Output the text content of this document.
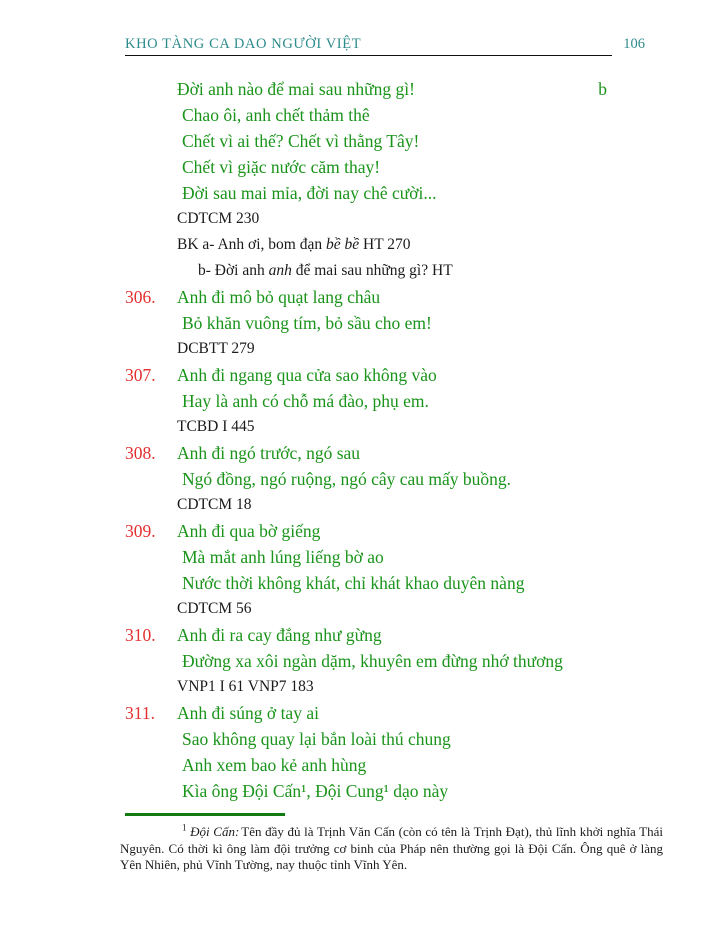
KHO TÀNG CA DAO NGƯỜI VIỆT	106
b
Đời anh nào để mai sau những gì!
Chao ôi, anh chết thảm thê
Chết vì ai thế? Chết vì thằng Tây!
Chết vì giặc nước căm thay!
Đời sau mai mỉa, đời nay chê cười...
CDTCM 230
BK a- Anh ơi, bom đạn bề bề HT 270
b- Đời anh anh để mai sau những gì? HT
306. Anh đi mô bỏ quạt lang châu
Bỏ khăn vuông tím, bỏ sầu cho em!
DCBTT 279
307. Anh đi ngang qua cửa sao không vào
Hay là anh có chỗ má đào, phụ em.
TCBD I 445
308. Anh đi ngó trước, ngó sau
Ngó đồng, ngó ruộng, ngó cây cau mấy buồng.
CDTCM 18
309. Anh đi qua bờ giếng
Mà mắt anh lúng liếng bờ ao
Nước thời không khát, chỉ khát khao duyên nàng
CDTCM 56
310. Anh đi ra cay đắng như gừng
Đường xa xôi ngàn dặm, khuyên em đừng nhớ thương
VNP1 I 61 VNP7 183
311. Anh đi súng ở tay ai
Sao không quay lại bắn loài thú chung
Anh xem bao kẻ anh hùng
Kìa ông Đội Cấn¹, Đội Cung¹ dạo này

$^1$ Đội Cấn: Tên đầy đủ là Trịnh Văn Cấn (còn có tên là Trịnh Đạt), thủ lĩnh khởi nghĩa Thái Nguyên. Có thời kì ông làm đội trưởng cơ binh của Pháp nên thường gọi là Đội Cấn. Ông quê ở làng Yên Nhiên, phủ Vĩnh Tường, nay thuộc tỉnh Vĩnh Yên.
